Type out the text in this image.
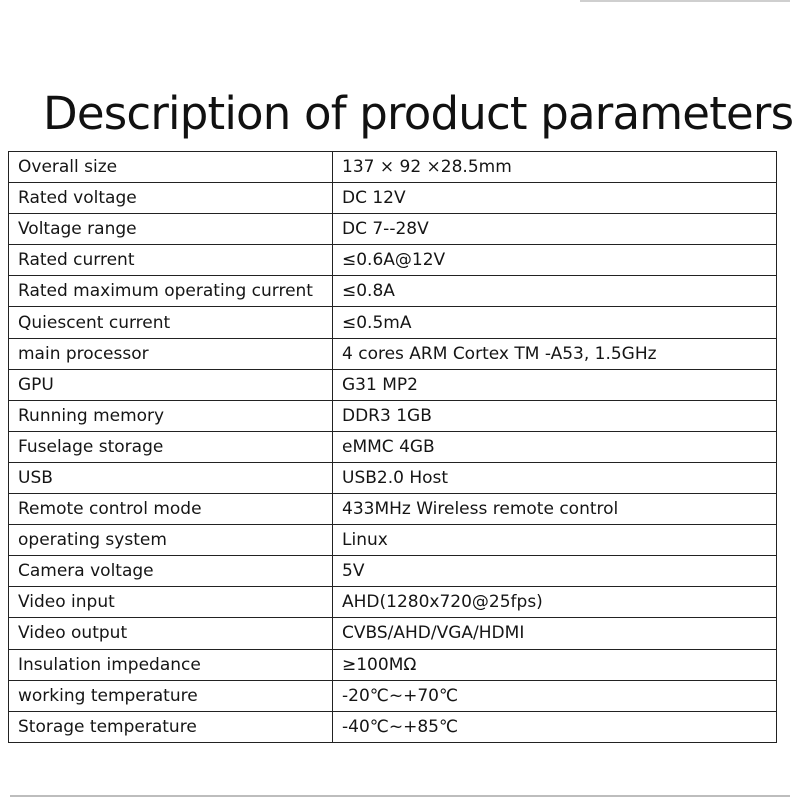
Description of product parameters
Overall size	137 × 92 ×28.5mm
Rated voltage	DC 12V
Voltage range	DC 7--28V
Rated current	≤0.6A@12V
Rated maximum operating current	≤0.8A
Quiescent current	≤0.5mA
main processor	4 cores ARM Cortex TM -A53, 1.5GHz
GPU	G31 MP2
Running memory	DDR3 1GB
Fuselage storage	eMMC 4GB
USB	USB2.0 Host
Remote control mode	433MHz Wireless remote control
operating system	Linux
Camera voltage	5V
Video input	AHD(1280x720@25fps)
Video output	CVBS/AHD/VGA/HDMI
Insulation impedance	≥100MΩ
working temperature	-20℃~+70℃
Storage temperature	-40℃~+85℃
